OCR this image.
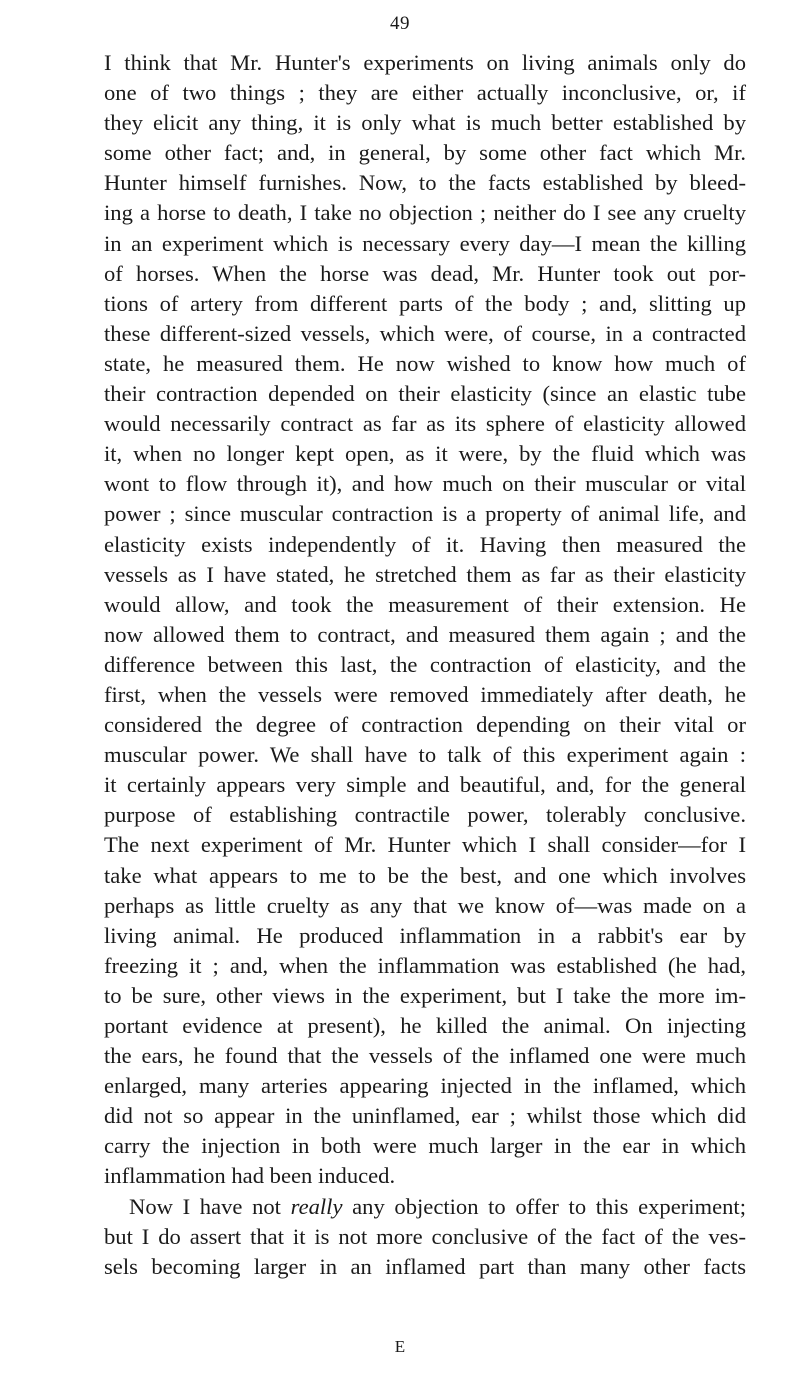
49
I think that Mr. Hunter's experiments on living animals only do
one of two things ; they are either actually inconclusive, or, if
they elicit any thing, it is only what is much better established by
some other fact; and, in general, by some other fact which Mr.
Hunter himself furnishes. Now, to the facts established by bleed-
ing a horse to death, I take no objection ; neither do I see any cruelty
in an experiment which is necessary every day—I mean the killing
of horses. When the horse was dead, Mr. Hunter took out por-
tions of artery from different parts of the body ; and, slitting up
these different-sized vessels, which were, of course, in a contracted
state, he measured them. He now wished to know how much of
their contraction depended on their elasticity (since an elastic tube
would necessarily contract as far as its sphere of elasticity allowed
it, when no longer kept open, as it were, by the fluid which was
wont to flow through it), and how much on their muscular or vital
power ; since muscular contraction is a property of animal life, and
elasticity exists independently of it. Having then measured the
vessels as I have stated, he stretched them as far as their elasticity
would allow, and took the measurement of their extension. He
now allowed them to contract, and measured them again ; and the
difference between this last, the contraction of elasticity, and the
first, when the vessels were removed immediately after death, he
considered the degree of contraction depending on their vital or
muscular power. We shall have to talk of this experiment again :
it certainly appears very simple and beautiful, and, for the general
purpose of establishing contractile power, tolerably conclusive.
The next experiment of Mr. Hunter which I shall consider—for I
take what appears to me to be the best, and one which involves
perhaps as little cruelty as any that we know of—was made on a
living animal. He produced inflammation in a rabbit's ear by
freezing it ; and, when the inflammation was established (he had,
to be sure, other views in the experiment, but I take the more im-
portant evidence at present), he killed the animal. On injecting
the ears, he found that the vessels of the inflamed one were much
enlarged, many arteries appearing injected in the inflamed, which
did not so appear in the uninflamed, ear ; whilst those which did
carry the injection in both were much larger in the ear in which
inflammation had been induced.
Now I have not really any objection to offer to this experiment;
but I do assert that it is not more conclusive of the fact of the ves-
sels becoming larger in an inflamed part than many other facts
E
